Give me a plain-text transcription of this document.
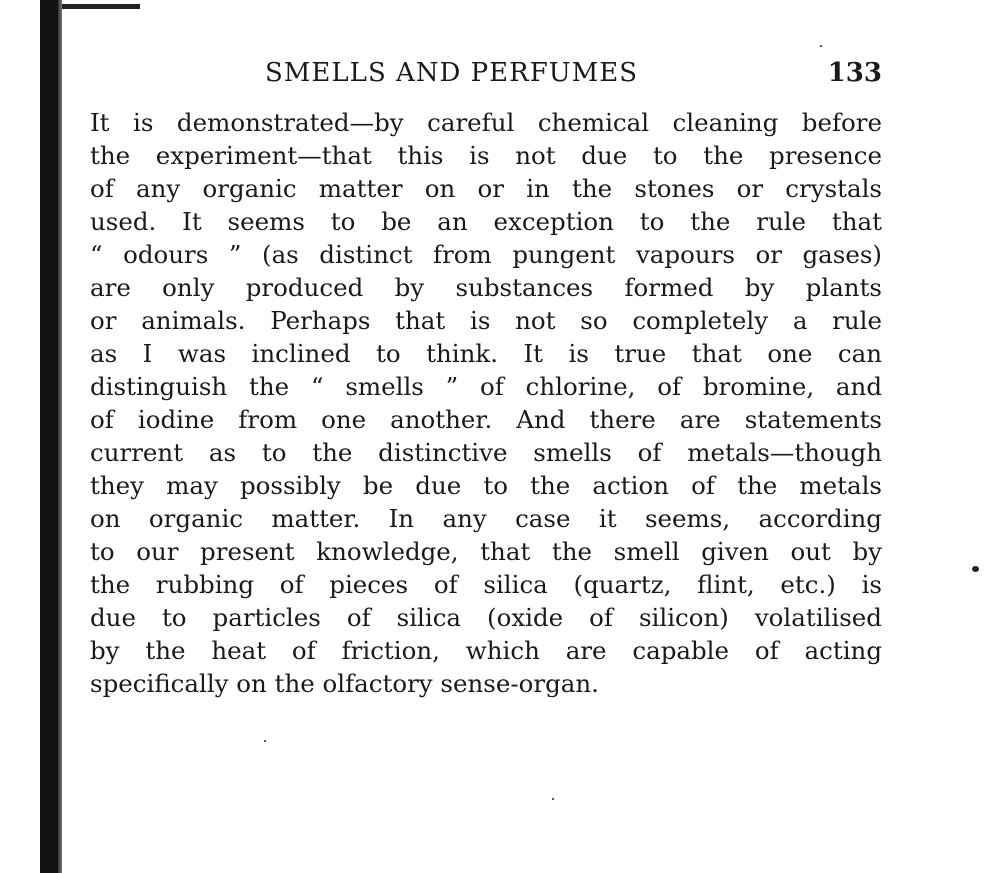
SMELLS AND PERFUMES	133
It is demonstrated—by careful chemical cleaning before
the experiment—that this is not due to the presence
of any organic matter on or in the stones or crystals
used. It seems to be an exception to the rule that
“ odours ” (as distinct from pungent vapours or gases)
are only produced by substances formed by plants
or animals. Perhaps that is not so completely a rule
as I was inclined to think. It is true that one can
distinguish the “ smells ” of chlorine, of bromine, and
of iodine from one another. And there are statements
current as to the distinctive smells of metals—though
they may possibly be due to the action of the metals
on organic matter. In any case it seems, according
to our present knowledge, that the smell given out by
the rubbing of pieces of silica (quartz, flint, etc.) is
due to particles of silica (oxide of silicon) volatilised
by the heat of friction, which are capable of acting
specifically on the olfactory sense-organ.
